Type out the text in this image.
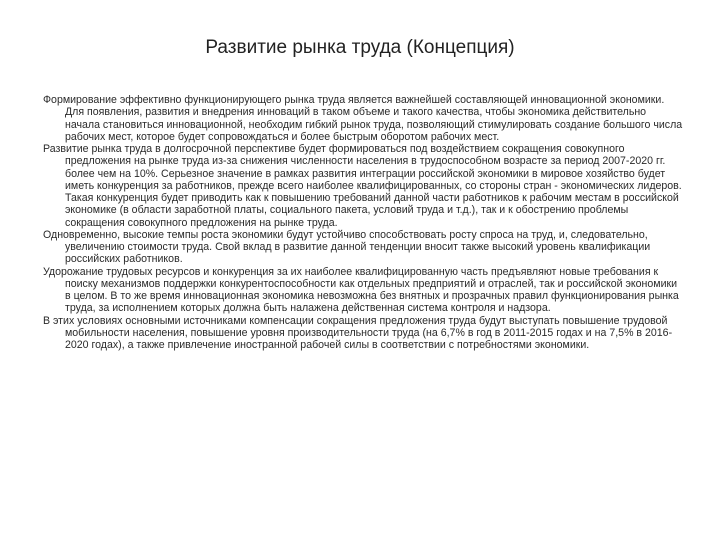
Развитие рынка труда (Концепция)

Формирование эффективно функционирующего рынка труда является важнейшей составляющей инновационной экономики. Для появления, развития и внедрения инноваций в таком объеме и такого качества, чтобы экономика действительно начала становиться инновационной, необходим гибкий рынок труда, позволяющий стимулировать создание большого числа рабочих мест, которое будет сопровождаться и более быстрым оборотом рабочих мест.

Развитие рынка труда в долгосрочной перспективе будет формироваться под воздействием сокращения совокупного предложения на рынке труда из-за снижения численности населения в трудоспособном возрасте за период 2007-2020 гг. более чем на 10%. Серьезное значение в рамках развития интеграции российской экономики в мировое хозяйство будет иметь конкуренция за работников, прежде всего наиболее квалифицированных, со стороны стран - экономических лидеров. Такая конкуренция будет приводить как к повышению требований данной части работников к рабочим местам в российской экономике (в области заработной платы, социального пакета, условий труда и т.д.), так и к обострению проблемы сокращения совокупного предложения на рынке труда.

Одновременно, высокие темпы роста экономики будут устойчиво способствовать росту спроса на труд, и, следовательно, увеличению стоимости труда. Свой вклад в развитие данной тенденции вносит также высокий уровень квалификации российских работников.

Удорожание трудовых ресурсов и конкуренция за их наиболее квалифицированную часть предъявляют новые требования к поиску механизмов поддержки конкурентоспособности как отдельных предприятий и отраслей, так и российской экономики в целом. В то же время инновационная экономика невозможна без внятных и прозрачных правил функционирования рынка труда, за исполнением которых должна быть налажена действенная система контроля и надзора.

В этих условиях основными источниками компенсации сокращения предложения труда будут выступать повышение трудовой мобильности населения, повышение уровня производительности труда (на 6,7% в год в 2011-2015 годах и на 7,5% в 2016-2020 годах), а также привлечение иностранной рабочей силы в соответствии с потребностями экономики.
